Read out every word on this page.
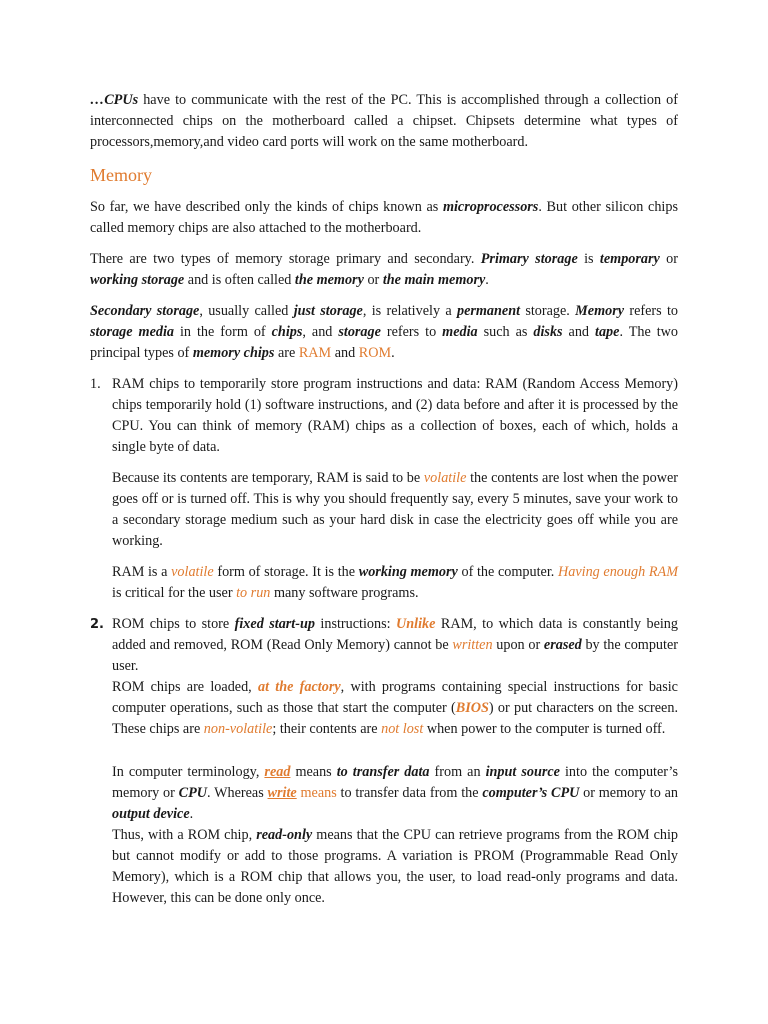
…CPUs have to communicate with the rest of the PC. This is accomplished through a collection of interconnected chips on the motherboard called a chipset. Chipsets determine what types of processors,memory,and video card ports will work on the same motherboard.

Memory

So far, we have described only the kinds of chips known as microprocessors. But other silicon chips called memory chips are also attached to the motherboard.

There are two types of memory storage primary and secondary. Primary storage is temporary or working storage and is often called the memory or the main memory.

Secondary storage, usually called just storage, is relatively a permanent storage. Memory refers to storage media in the form of chips, and storage refers to media such as disks and tape. The two principal types of memory chips are RAM and ROM.

1. RAM chips to temporarily store program instructions and data: RAM (Random Access Memory) chips temporarily hold (1) software instructions, and (2) data before and after it is processed by the CPU. You can think of memory (RAM) chips as a collection of boxes, each of which, holds a single byte of data.

Because its contents are temporary, RAM is said to be volatile the contents are lost when the power goes off or is turned off. This is why you should frequently say, every 5 minutes, save your work to a secondary storage medium such as your hard disk in case the electricity goes off while you are working.

RAM is a volatile form of storage. It is the working memory of the computer. Having enough RAM is critical for the user to run many software programs.

2. ROM chips to store fixed start-up instructions: Unlike RAM, to which data is constantly being added and removed, ROM (Read Only Memory) cannot be written upon or erased by the computer user.

ROM chips are loaded, at the factory, with programs containing special instructions for basic computer operations, such as those that start the computer (BIOS) or put characters on the screen. These chips are non-volatile; their contents are not lost when power to the computer is turned off.

In computer terminology, read means to transfer data from an input source into the computer’s memory or CPU. Whereas write means to transfer data from the computer’s CPU or memory to an output device.

Thus, with a ROM chip, read-only means that the CPU can retrieve programs from the ROM chip but cannot modify or add to those programs. A variation is PROM (Programmable Read Only Memory), which is a ROM chip that allows you, the user, to load read-only programs and data. However, this can be done only once.
